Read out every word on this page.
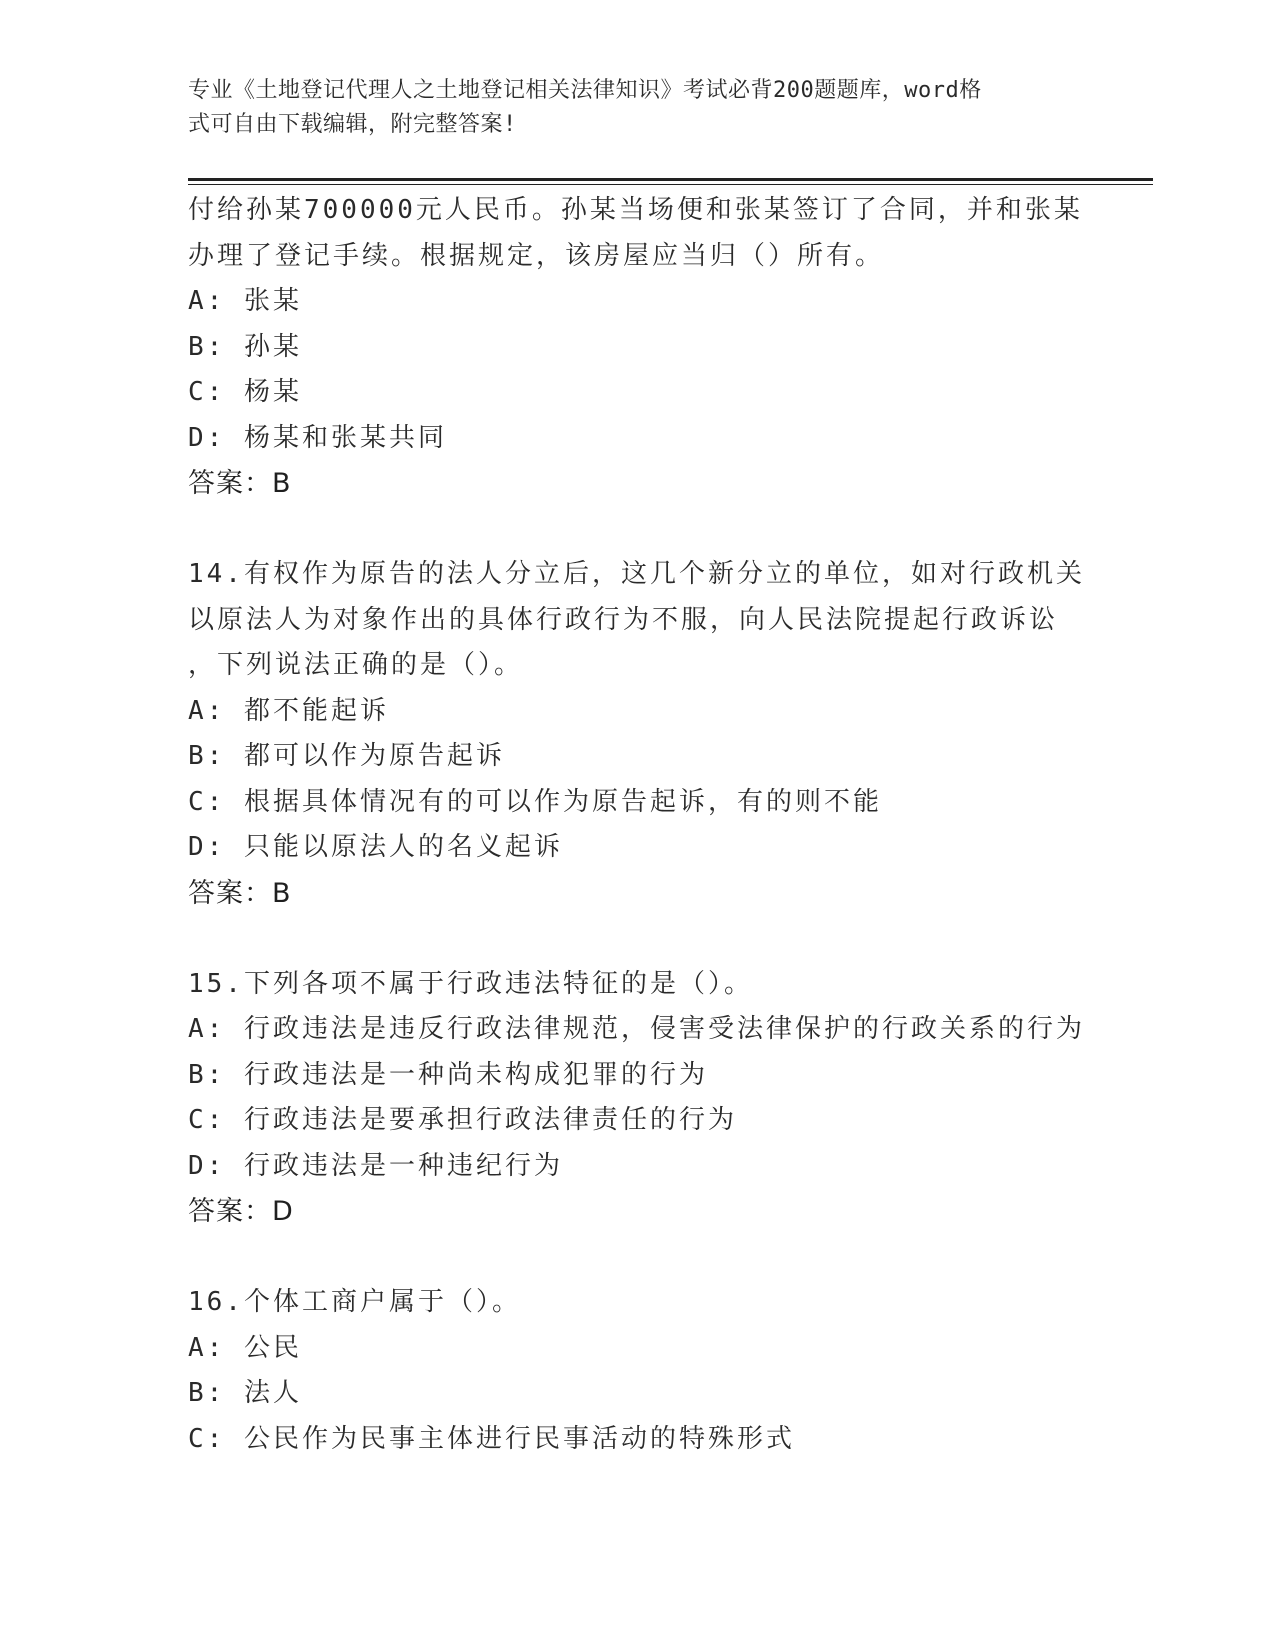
专业《土地登记代理人之土地登记相关法律知识》考试必背200题题库，word格
式可自由下载编辑，附完整答案!
付给孙某700000元人民币。孙某当场便和张某签订了合同，并和张某
办理了登记手续。根据规定，该房屋应当归（）所有。
A: 张某
B: 孙某
C: 杨某
D: 杨某和张某共同
答案：B
14.有权作为原告的法人分立后，这几个新分立的单位，如对行政机关
以原法人为对象作出的具体行政行为不服，向人民法院提起行政诉讼
，下列说法正确的是（）。
A: 都不能起诉
B: 都可以作为原告起诉
C: 根据具体情况有的可以作为原告起诉，有的则不能
D: 只能以原法人的名义起诉
答案：B
15.下列各项不属于行政违法特征的是（）。
A: 行政违法是违反行政法律规范，侵害受法律保护的行政关系的行为
B: 行政违法是一种尚未构成犯罪的行为
C: 行政违法是要承担行政法律责任的行为
D: 行政违法是一种违纪行为
答案：D
16.个体工商户属于（）。
A: 公民
B: 法人
C: 公民作为民事主体进行民事活动的特殊形式
